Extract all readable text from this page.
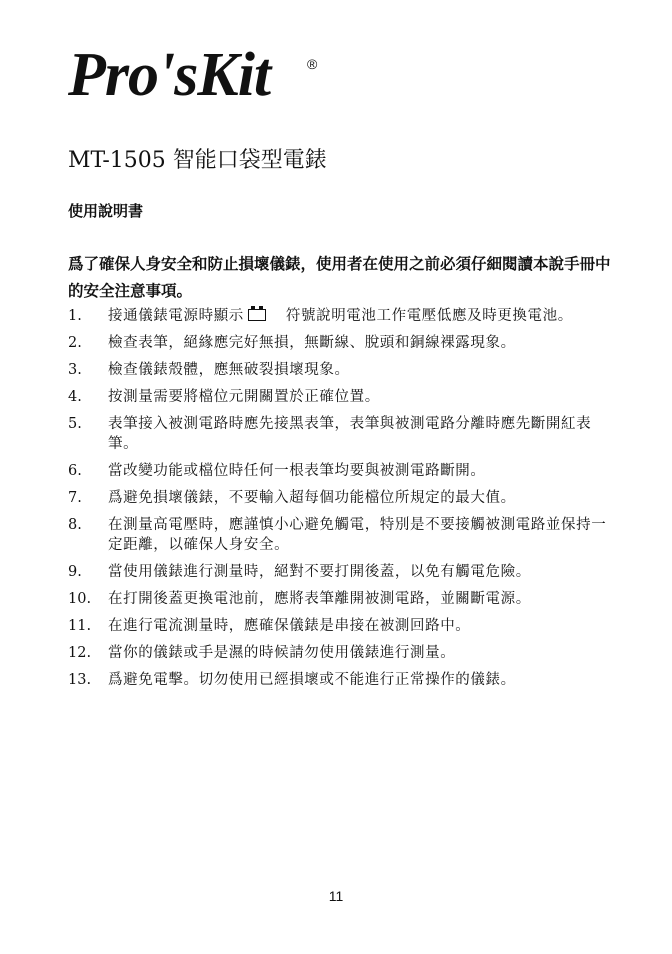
Pro'sKit	®
MT-1505 智能口袋型電錶
使用說明書
爲了確保人身安全和防止損壞儀錶，使用者在使用之前必須仔細閱讀本說手冊中的安全注意事項。
1. 接通儀錶電源時顯示	符號說明電池工作電壓低應及時更換電池。
2. 檢查表筆，絕緣應完好無損，無斷線、脫頭和銅線裸露現象。
3. 檢查儀錶殼體，應無破裂損壞現象。
4. 按測量需要將檔位元開關置於正確位置。
5. 表筆接入被測電路時應先接黑表筆，表筆與被測電路分離時應先斷開紅表筆。
6. 當改變功能或檔位時任何一根表筆均要與被測電路斷開。
7. 爲避免損壞儀錶，不要輸入超每個功能檔位所規定的最大值。
8. 在測量高電壓時，應謹慎小心避免觸電，特別是不要接觸被測電路並保持一定距離，以確保人身安全。
9. 當使用儀錶進行測量時，絕對不要打開後蓋，以免有觸電危險。
10. 在打開後蓋更換電池前，應將表筆離開被測電路，並關斷電源。
11. 在進行電流測量時，應確保儀錶是串接在被測回路中。
12. 當你的儀錶或手是濕的時候請勿使用儀錶進行測量。
13. 爲避免電擊。切勿使用已經損壞或不能進行正常操作的儀錶。
11
